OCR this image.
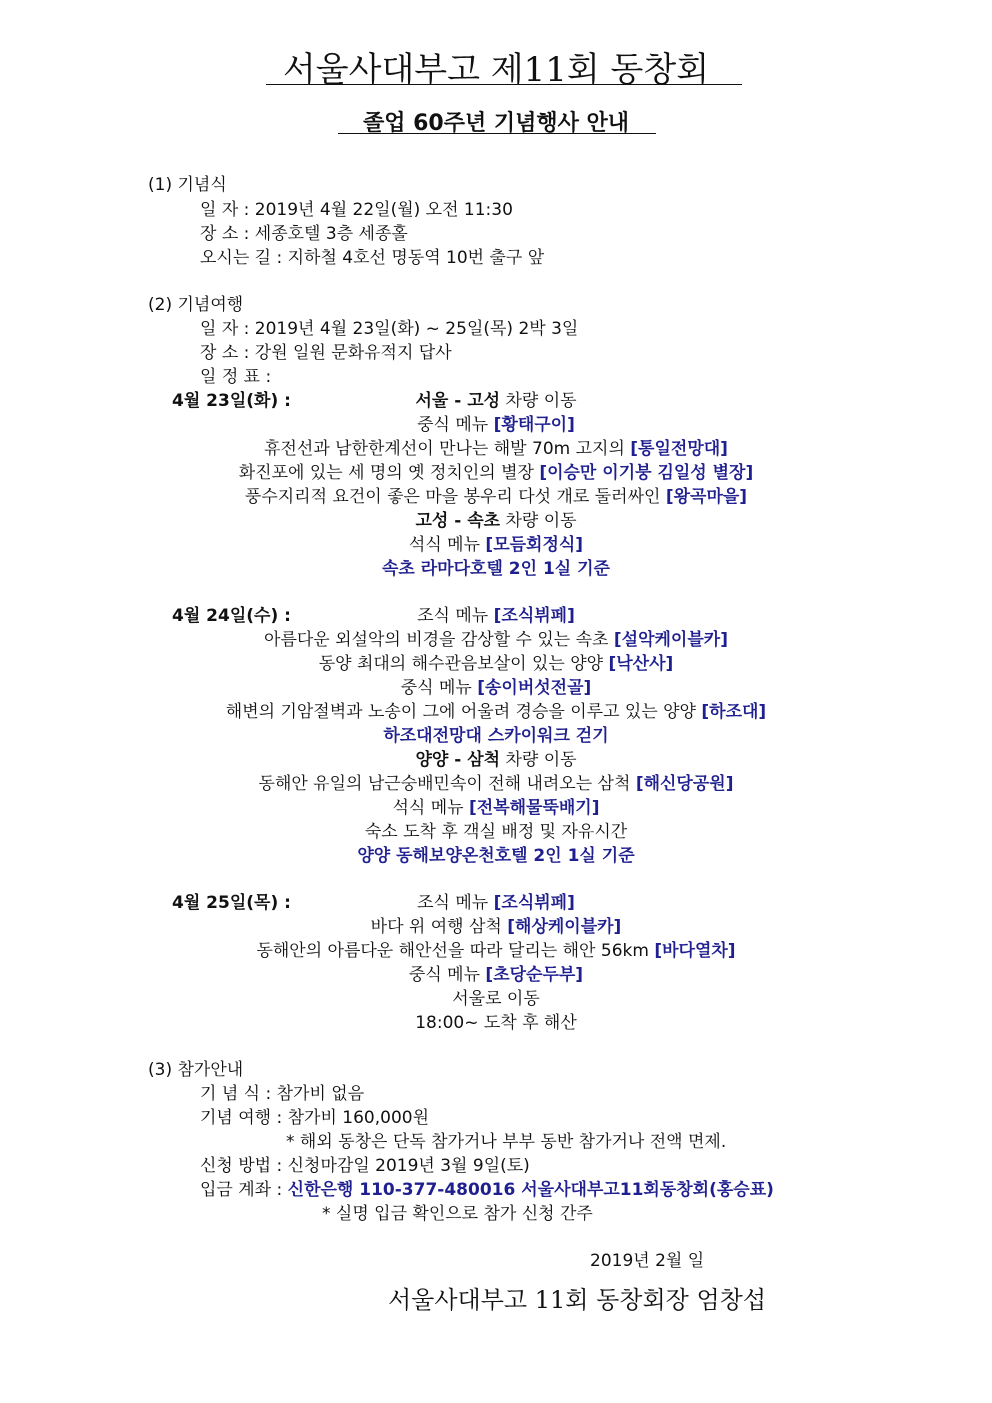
서울사대부고 제11회 동창회
졸업 60주년 기념행사 안내
(1) 기념식
일 자 : 2019년 4월 22일(월) 오전 11:30
장 소 : 세종호텔 3층 세종홀
오시는 길 : 지하철 4호선 명동역 10번 출구 앞
(2) 기념여행
일 자 : 2019년 4월 23일(화) ~ 25일(목) 2박 3일
장 소 : 강원 일원 문화유적지 답사
일 정 표 :
4월 23일(화) :	서울 - 고성 차량 이동
중식 메뉴 [황태구이]
휴전선과 남한한계선이 만나는 해발 70m 고지의 [통일전망대]
화진포에 있는 세 명의 옛 정치인의 별장 [이승만 이기붕 김일성 별장]
풍수지리적 요건이 좋은 마을 봉우리 다섯 개로 둘러싸인 [왕곡마을]
고성 - 속초 차량 이동
석식 메뉴 [모듬회정식]
속초 라마다호텔 2인 1실 기준
4월 24일(수) :	조식 메뉴 [조식뷔페]
아름다운 외설악의 비경을 감상할 수 있는 속초 [설악케이블카]
동양 최대의 해수관음보살이 있는 양양 [낙산사]
중식 메뉴 [송이버섯전골]
해변의 기암절벽과 노송이 그에 어울려 경승을 이루고 있는 양양 [하조대]
하조대전망대 스카이워크 걷기
양양 - 삼척 차량 이동
동해안 유일의 남근숭배민속이 전해 내려오는 삼척 [해신당공원]
석식 메뉴 [전복해물뚝배기]
숙소 도착 후 객실 배정 및 자유시간
양양 동해보양온천호텔 2인 1실 기준
4월 25일(목) :	조식 메뉴 [조식뷔페]
바다 위 여행 삼척 [해상케이블카]
동해안의 아름다운 해안선을 따라 달리는 해안 56km [바다열차]
중식 메뉴 [초당순두부]
서울로 이동
18:00~ 도착 후 해산
(3) 참가안내
기 념 식 : 참가비 없음
기념 여행 : 참가비 160,000원
* 해외 동창은 단독 참가거나 부부 동반 참가거나 전액 면제.
신청 방법 : 신청마감일 2019년 3월 9일(토)
입금 계좌 : 신한은행 110-377-480016 서울사대부고11회동창회(홍승표)
* 실명 입금 확인으로 참가 신청 간주
2019년 2월 일
서울사대부고 11회 동창회장 엄창섭
